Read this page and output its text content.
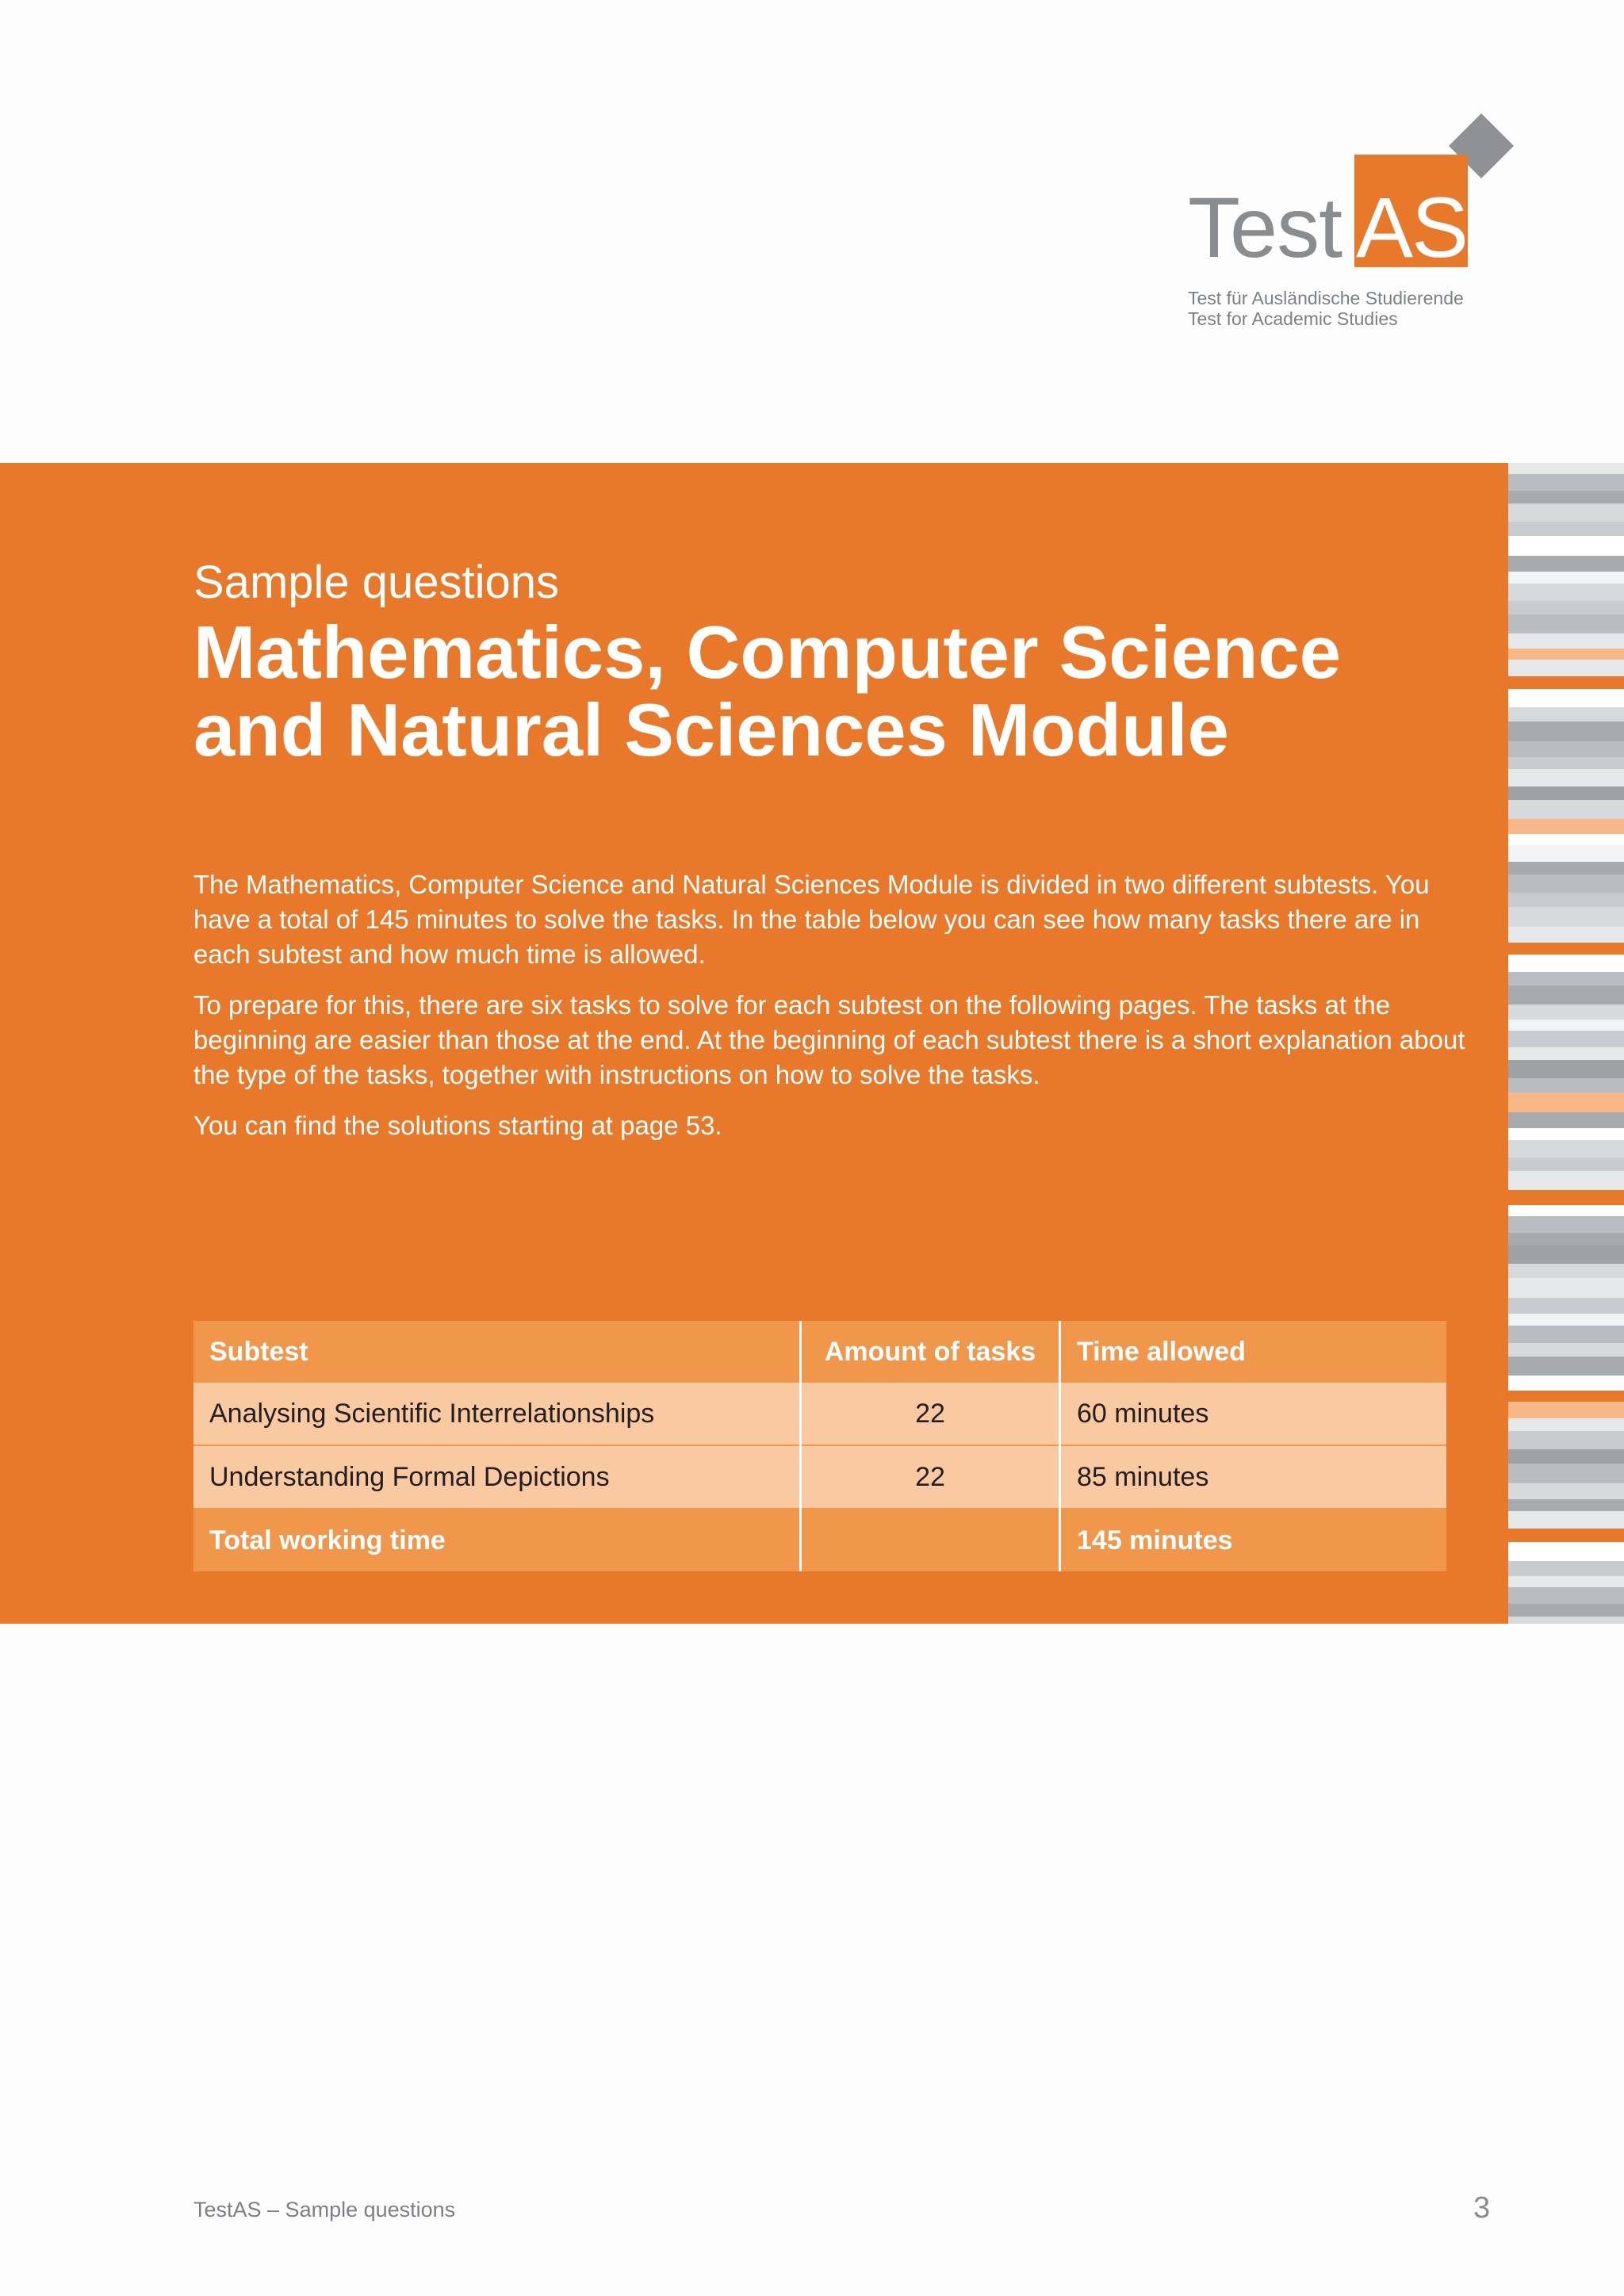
Test AS
Test für Ausländische Studierende
Test for Academic Studies
Sample questions
Mathematics, Computer Science and Natural Sciences Module

The Mathematics, Computer Science and Natural Sciences Module is divided in two different subtests. You have a total of 145 minutes to solve the tasks. In the table below you can see how many tasks there are in each subtest and how much time is allowed.

To prepare for this, there are six tasks to solve for each subtest on the following pages. The tasks at the beginning are easier than those at the end. At the beginning of each subtest there is a short explanation about the type of the tasks, together with instructions on how to solve the tasks.

You can find the solutions starting at page 53.

Subtest	Amount of tasks	Time allowed
Analysing Scientific Interrelationships	22	60 minutes
Understanding Formal Depictions	22	85 minutes
Total working time		145 minutes
TestAS – Sample questions	3
